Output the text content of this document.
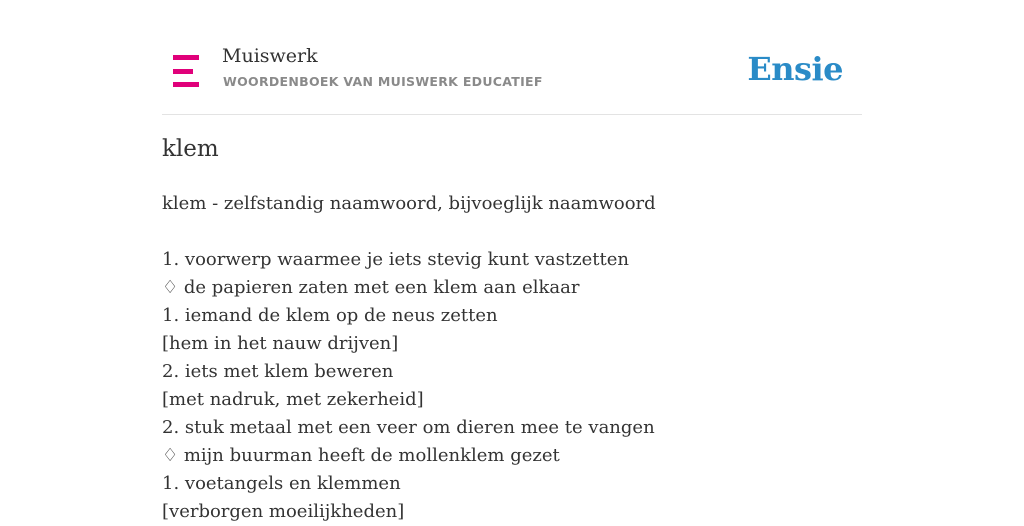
Muiswerk
WOORDENBOEK VAN MUISWERK EDUCATIEF	Ensie
klem
klem - zelfstandig naamwoord, bijvoeglijk naamwoord
1. voorwerp waarmee je iets stevig kunt vastzetten
♢ de papieren zaten met een klem aan elkaar
1. iemand de klem op de neus zetten
[hem in het nauw drijven]
2. iets met klem beweren
[met nadruk, met zekerheid]
2. stuk metaal met een veer om dieren mee te vangen
♢ mijn buurman heeft de mollenklem gezet
1. voetangels en klemmen
[verborgen moeilijkheden]
